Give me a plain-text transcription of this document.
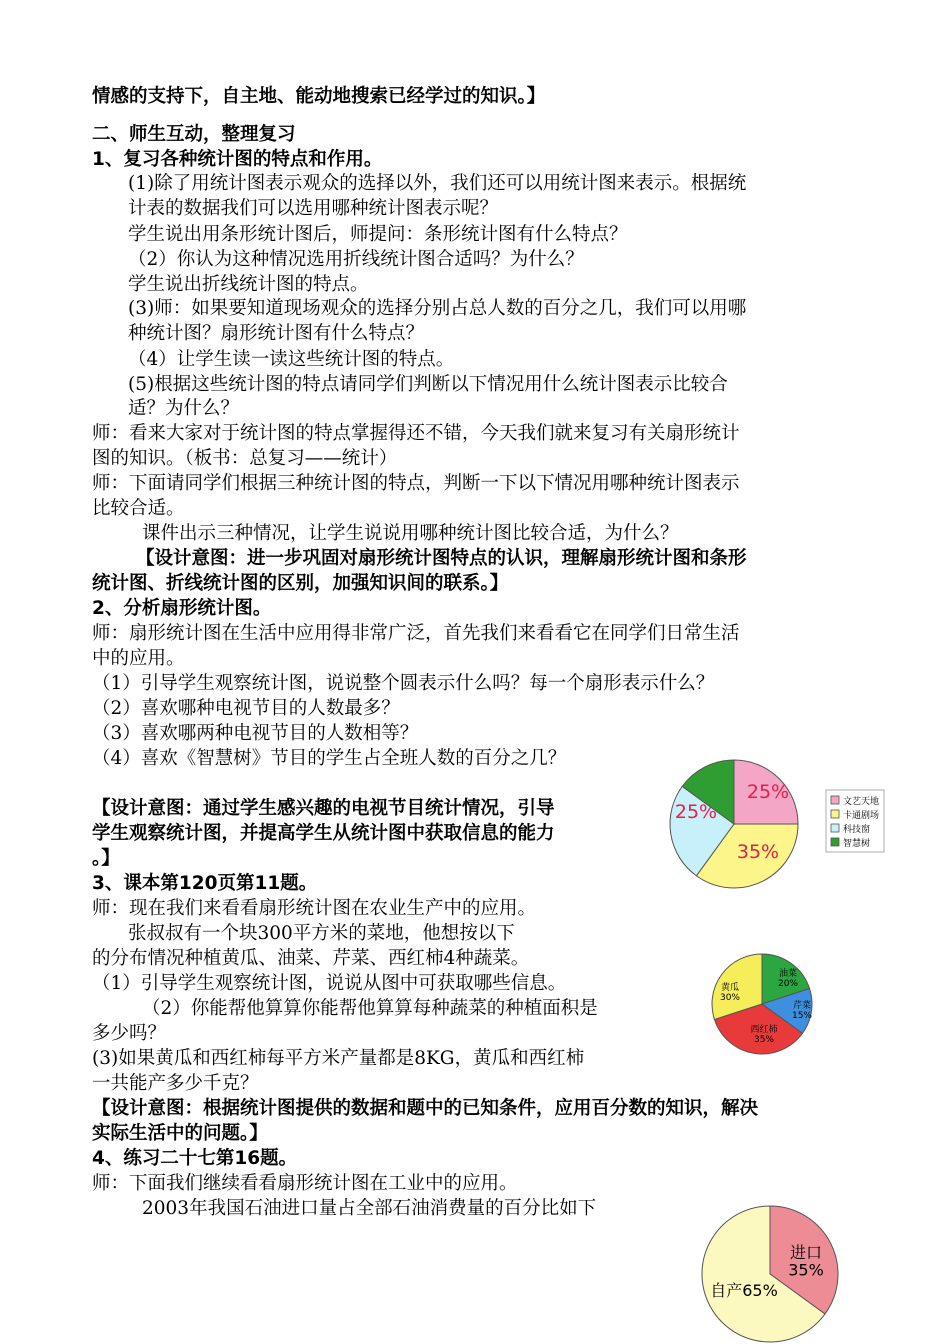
情感的支持下，自主地、能动地搜索已经学过的知识。】
二、师生互动，整理复习
1、复习各种统计图的特点和作用。
(1)除了用统计图表示观众的选择以外，我们还可以用统计图来表示。根据统
计表的数据我们可以选用哪种统计图表示呢？
学生说出用条形统计图后，师提问：条形统计图有什么特点？
（2）你认为这种情况选用折线统计图合适吗？为什么？
学生说出折线统计图的特点。
(3)师：如果要知道现场观众的选择分别占总人数的百分之几，我们可以用哪
种统计图？扇形统计图有什么特点？
（4）让学生读一读这些统计图的特点。
(5)根据这些统计图的特点请同学们判断以下情况用什么统计图表示比较合
适？为什么？
师：看来大家对于统计图的特点掌握得还不错，今天我们就来复习有关扇形统计
图的知识。（板书：总复习——统计）
师：下面请同学们根据三种统计图的特点，判断一下以下情况用哪种统计图表示
比较合适。
课件出示三种情况，让学生说说用哪种统计图比较合适，为什么？
【设计意图：进一步巩固对扇形统计图特点的认识，理解扇形统计图和条形
统计图、折线统计图的区别，加强知识间的联系。】
2、分析扇形统计图。
师：扇形统计图在生活中应用得非常广泛，首先我们来看看它在同学们日常生活
中的应用。
（1）引导学生观察统计图，说说整个圆表示什么吗？每一个扇形表示什么？
（2）喜欢哪种电视节目的人数最多？
（3）喜欢哪两种电视节目的人数相等？
（4）喜欢《智慧树》节目的学生占全班人数的百分之几？
【设计意图：通过学生感兴趣的电视节目统计情况，引导
学生观察统计图，并提高学生从统计图中获取信息的能力
。】
3、课本第120页第11题。
师：现在我们来看看扇形统计图在农业生产中的应用。
张叔叔有一个块300平方米的菜地，他想按以下
的分布情况种植黄瓜、油菜、芹菜、西红柿4种蔬菜。
（1）引导学生观察统计图，说说从图中可获取哪些信息。
（2）你能帮他算算你能帮他算算每种蔬菜的种植面积是
多少吗？
(3)如果黄瓜和西红柿每平方米产量都是8KG，黄瓜和西红柿
一共能产多少千克？
【设计意图：根据统计图提供的数据和题中的已知条件，应用百分数的知识，解决
实际生活中的问题。】
4、练习二十七第16题。
师：下面我们继续看看扇形统计图在工业中的应用。
2003年我国石油进口量占全部石油消费量的百分比如下
25%
35%
25%	文艺天地
卡通剧场
科技窗
智慧树
油菜 20%
芹菜 15%
西红柿 35%
黄瓜 30%
进口 35%
自产65%
